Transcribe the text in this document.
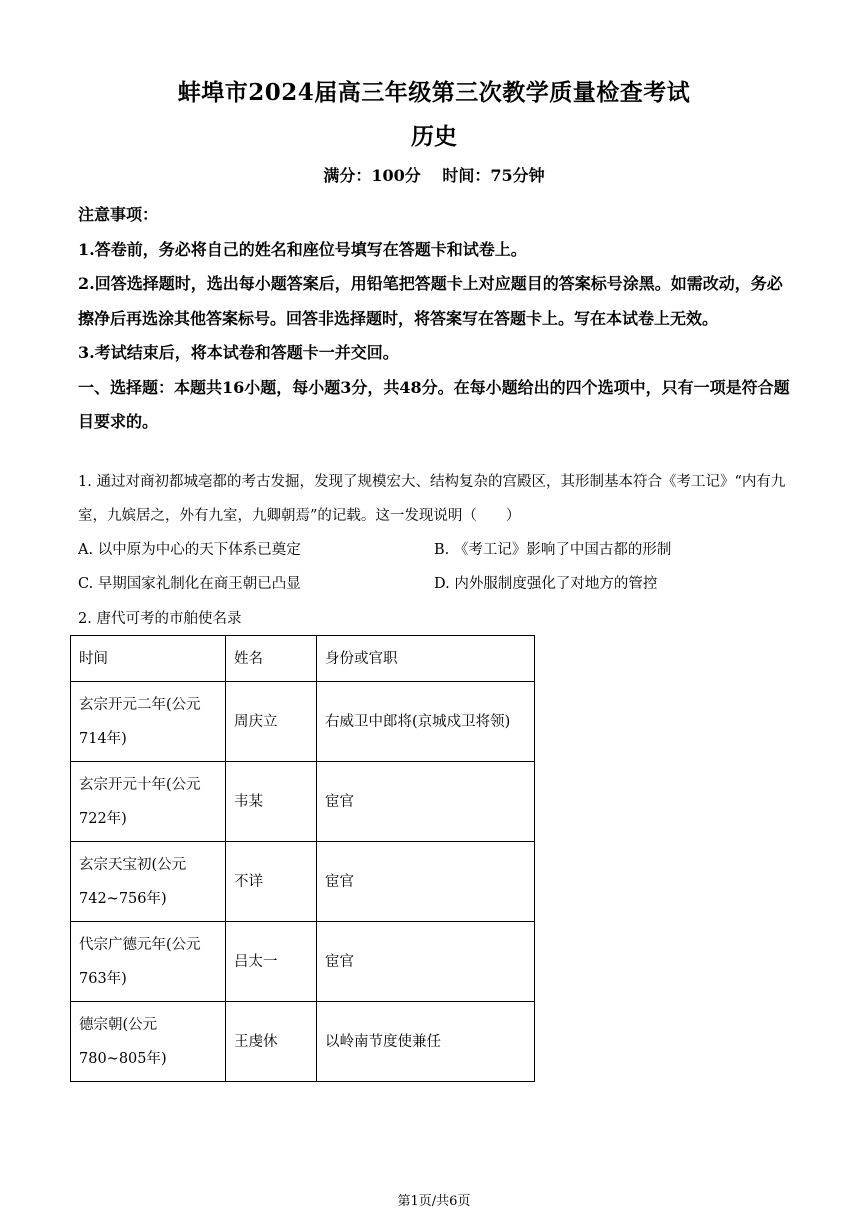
蚌埠市2024届高三年级第三次教学质量检查考试
历史
满分：100分 时间：75分钟

注意事项：

1.答卷前，务必将自己的姓名和座位号填写在答题卡和试卷上。

2.回答选择题时，选出每小题答案后，用铅笔把答题卡上对应题目的答案标号涂黑。如需改动，务必擦净后再选涂其他答案标号。回答非选择题时，将答案写在答题卡上。写在本试卷上无效。

3.考试结束后，将本试卷和答题卡一并交回。

一、选择题：本题共16小题，每小题3分，共48分。在每小题给出的四个选项中，只有一项是符合题目要求的。

1. 通过对商初都城亳都的考古发掘，发现了规模宏大、结构复杂的宫殿区，其形制基本符合《考工记》“内有九室，九嫔居之，外有九室，九卿朝焉”的记载。这一发现说明（　　）

A. 以中原为中心的天下体系已奠定	B. 《考工记》影响了中国古都的形制
C. 早期国家礼制化在商王朝已凸显	D. 内外服制度强化了对地方的管控

2. 唐代可考的市舶使名录

时间	姓名	身份或官职
玄宗开元二年(公元714年)	周庆立	右威卫中郎将(京城戍卫将领)
玄宗开元十年(公元722年)	韦某	宦官
玄宗天宝初(公元742~756年)	不详	宦官
代宗广德元年(公元763年)	吕太一	宦官
德宗朝(公元 780~805年)	王虔休	以岭南节度使兼任
第1页/共6页
